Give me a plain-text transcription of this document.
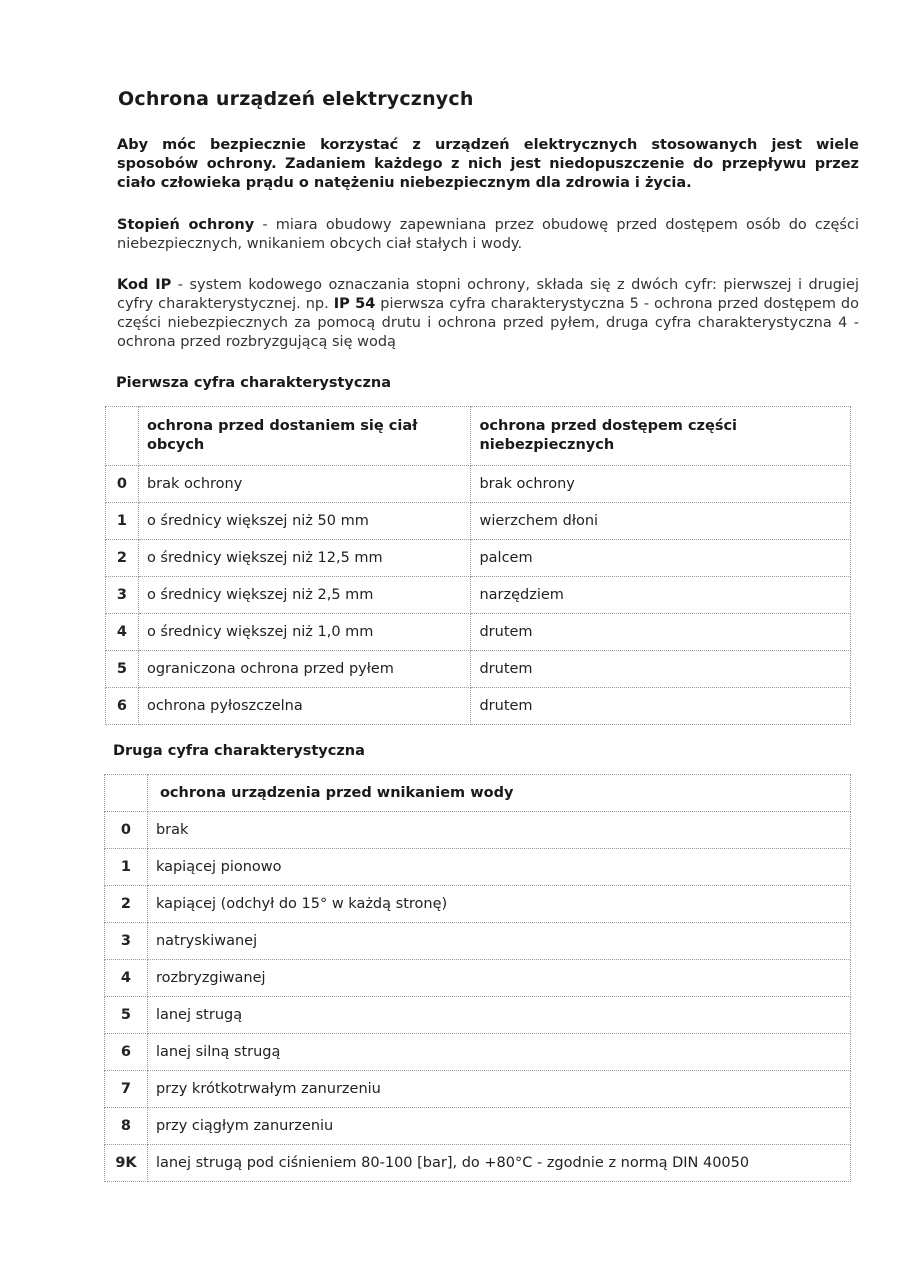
Ochrona urządzeń elektrycznych

Aby móc bezpiecznie korzystać z urządzeń elektrycznych stosowanych jest wiele sposobów ochrony. Zadaniem każdego z nich jest niedopuszczenie do przepływu przez ciało człowieka prądu o natężeniu niebezpiecznym dla zdrowia i życia.

Stopień ochrony - miara obudowy zapewniana przez obudowę przed dostępem osób do części niebezpiecznych, wnikaniem obcych ciał stałych i wody.

Kod IP - system kodowego oznaczania stopni ochrony, składa się z dwóch cyfr: pierwszej i drugiej cyfry charakterystycznej. np. IP 54 pierwsza cyfra charakterystyczna 5 - ochrona przed dostępem do części niebezpiecznych za pomocą drutu i ochrona przed pyłem, druga cyfra charakterystyczna 4 - ochrona przed rozbryzgującą się wodą

Pierwsza cyfra charakterystyczna
	ochrona przed dostaniem się ciał obcych	ochrona przed dostępem części niebezpiecznych
0	brak ochrony	brak ochrony
1	o średnicy większej niż 50 mm	wierzchem dłoni
2	o średnicy większej niż 12,5 mm	palcem
3	o średnicy większej niż 2,5 mm	narzędziem
4	o średnicy większej niż 1,0 mm	drutem
5	ograniczona ochrona przed pyłem	drutem
6	ochrona pyłoszczelna	drutem
Druga cyfra charakterystyczna
	ochrona urządzenia przed wnikaniem wody
0	brak
1	kapiącej pionowo
2	kapiącej (odchył do 15° w każdą stronę)
3	natryskiwanej
4	rozbryzgiwanej
5	lanej strugą
6	lanej silną strugą
7	przy krótkotrwałym zanurzeniu
8	przy ciągłym zanurzeniu
9K	lanej strugą pod ciśnieniem 80-100 [bar], do +80°C - zgodnie z normą DIN 40050
